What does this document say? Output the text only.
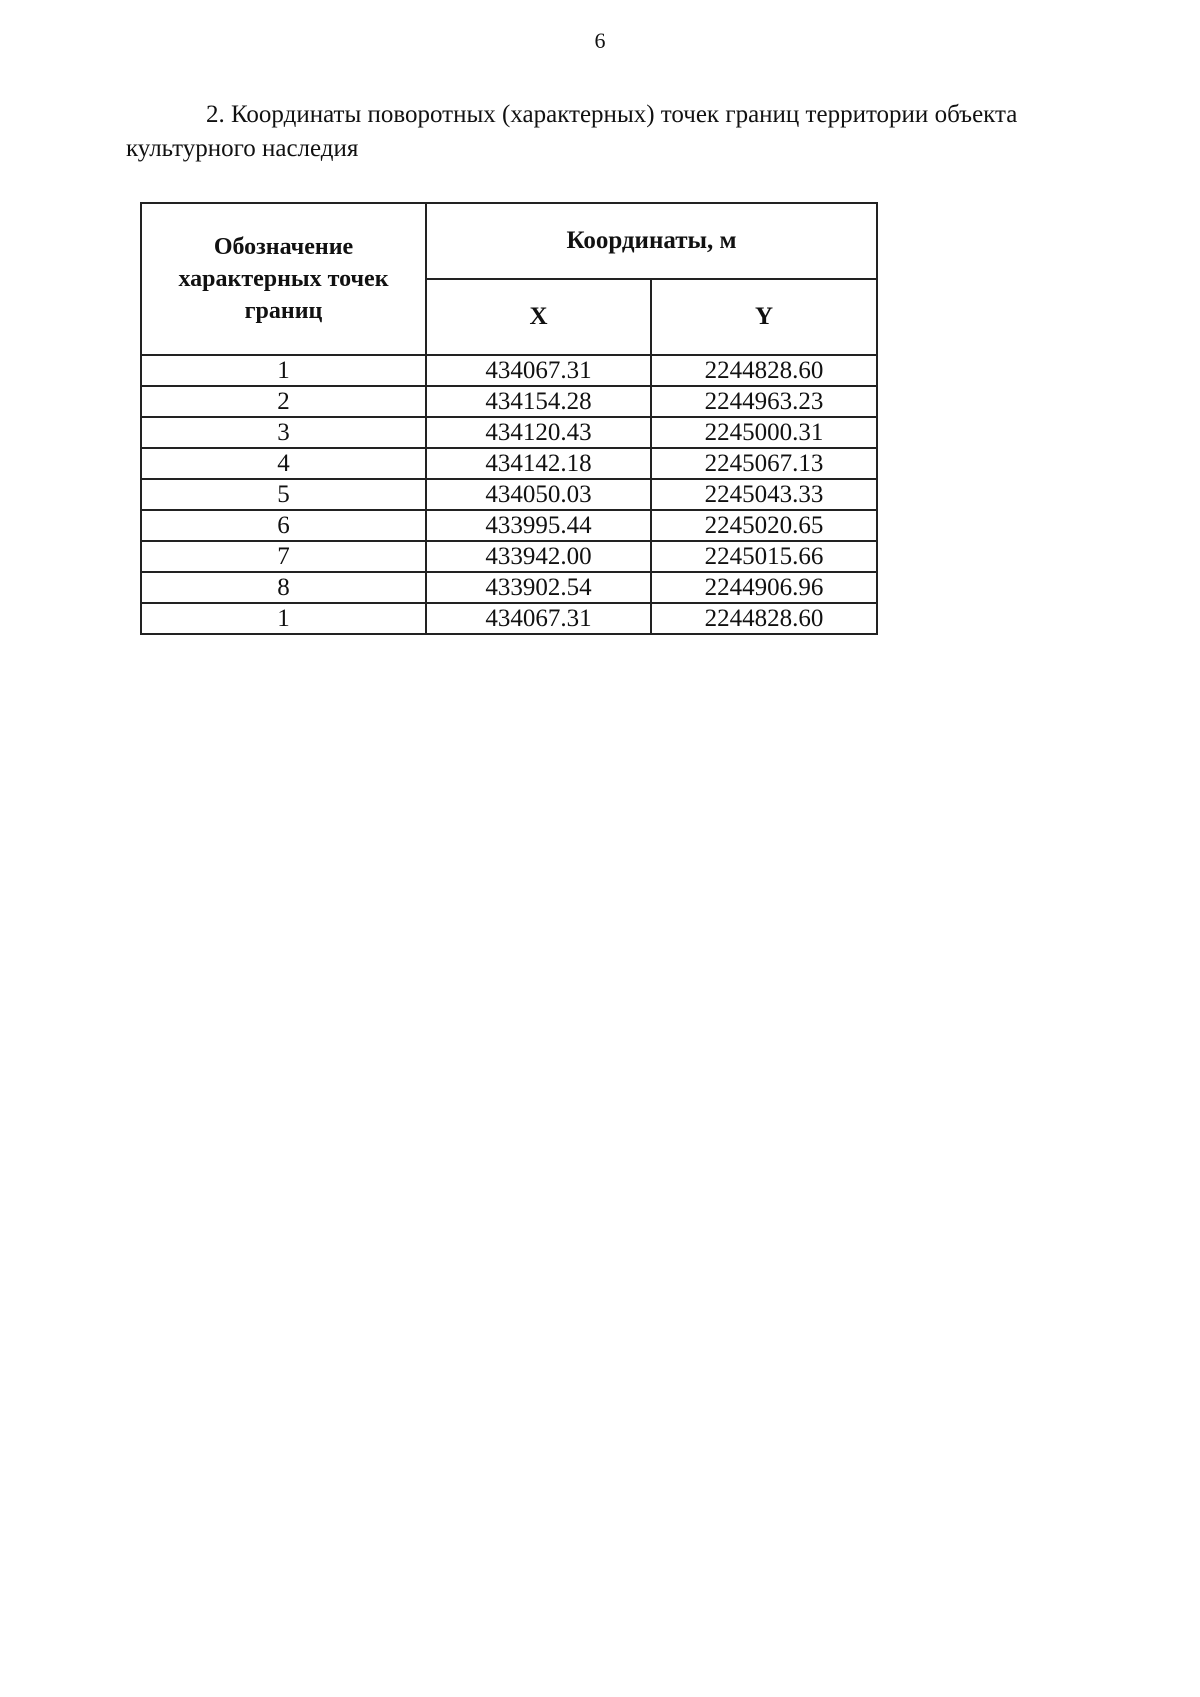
6
2. Координаты поворотных (характерных) точек границ территории объекта культурного наследия
Обозначение характерных точек границ	Координаты, м	
	X	Y
1	434067.31	2244828.60
2	434154.28	2244963.23
3	434120.43	2245000.31
4	434142.18	2245067.13
5	434050.03	2245043.33
6	433995.44	2245020.65
7	433942.00	2245015.66
8	433902.54	2244906.96
1	434067.31	2244828.60
